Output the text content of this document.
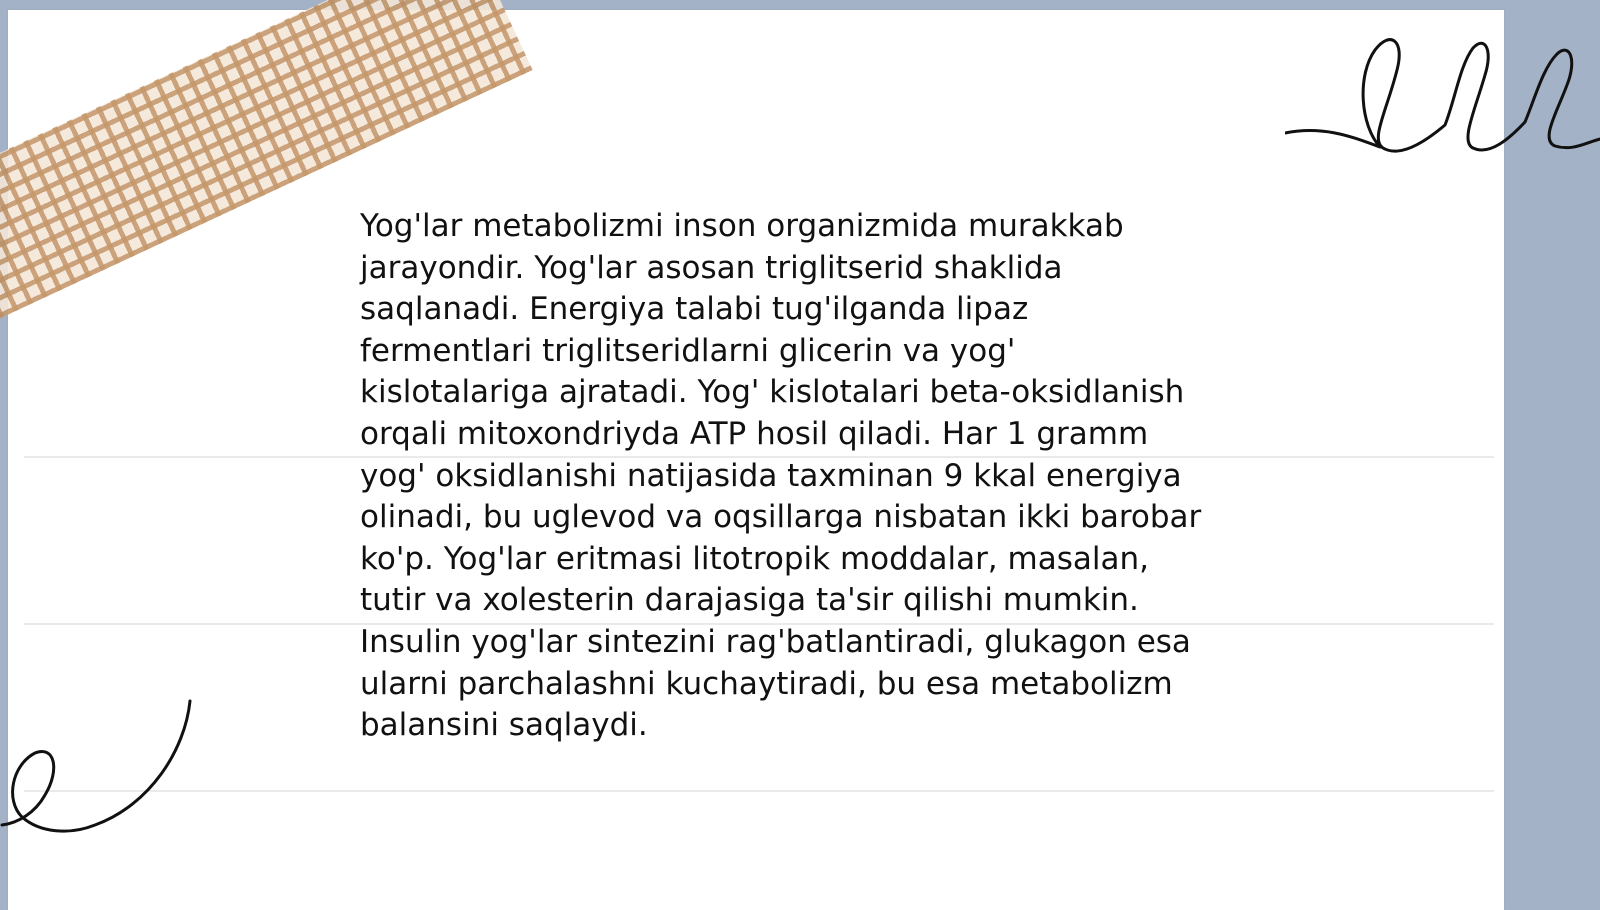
Yog'lar metabolizmi inson organizmida murakkab
jarayondir. Yog'lar asosan triglitserid shaklida
saqlanadi. Energiya talabi tug'ilganda lipaz
fermentlari triglitseridlarni glicerin va yog'
kislotalariga ajratadi. Yog' kislotalari beta-oksidlanish
orqali mitoxondriyda ATP hosil qiladi. Har 1 gramm
yog' oksidlanishi natijasida taxminan 9 kkal energiya
olinadi, bu uglevod va oqsillarga nisbatan ikki barobar
ko'p. Yog'lar eritmasi litotropik moddalar, masalan,
tutir va xolesterin darajasiga ta'sir qilishi mumkin.
Insulin yog'lar sintezini rag'batlantiradi, glukagon esa
ularni parchalashni kuchaytiradi, bu esa metabolizm
balansini saqlaydi.
